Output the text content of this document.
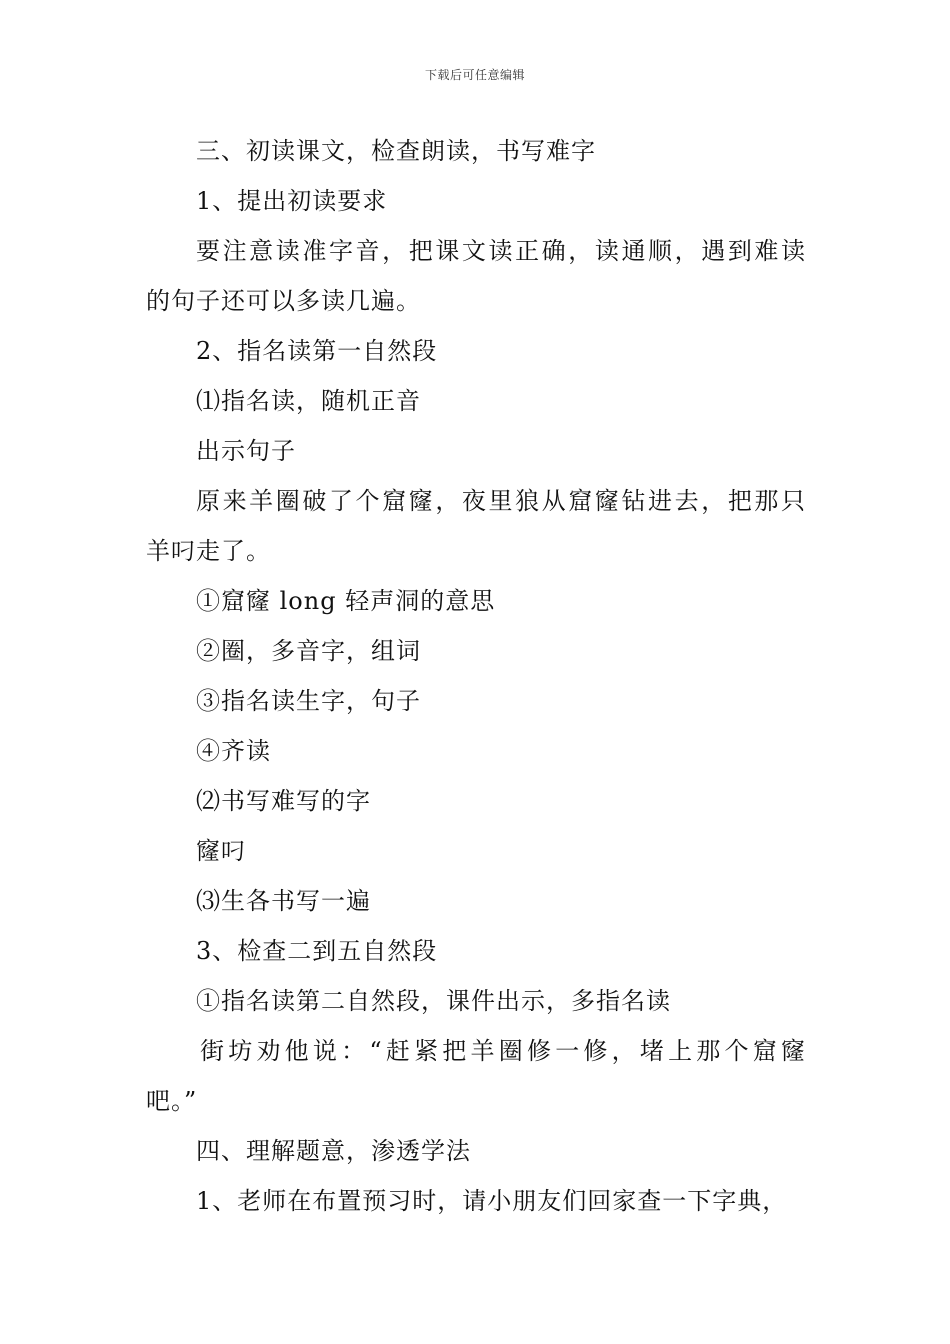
下载后可任意编辑
三、初读课文，检查朗读，书写难字
1、提出初读要求
要注意读准字音，把课文读正确，读通顺，遇到难读
的句子还可以多读几遍。
2、指名读第一自然段
⑴指名读，随机正音
出示句子
原来羊圈破了个窟窿，夜里狼从窟窿钻进去，把那只
羊叼走了。
①窟窿 long 轻声洞的意思
②圈，多音字，组词
③指名读生字，句子
④齐读
⑵书写难写的字
窿叼
⑶生各书写一遍
3、检查二到五自然段
①指名读第二自然段，课件出示，多指名读
街坊劝他说：“赶紧把羊圈修一修，堵上那个窟窿
吧。”
四、理解题意，渗透学法
1、老师在布置预习时，请小朋友们回家查一下字典，
